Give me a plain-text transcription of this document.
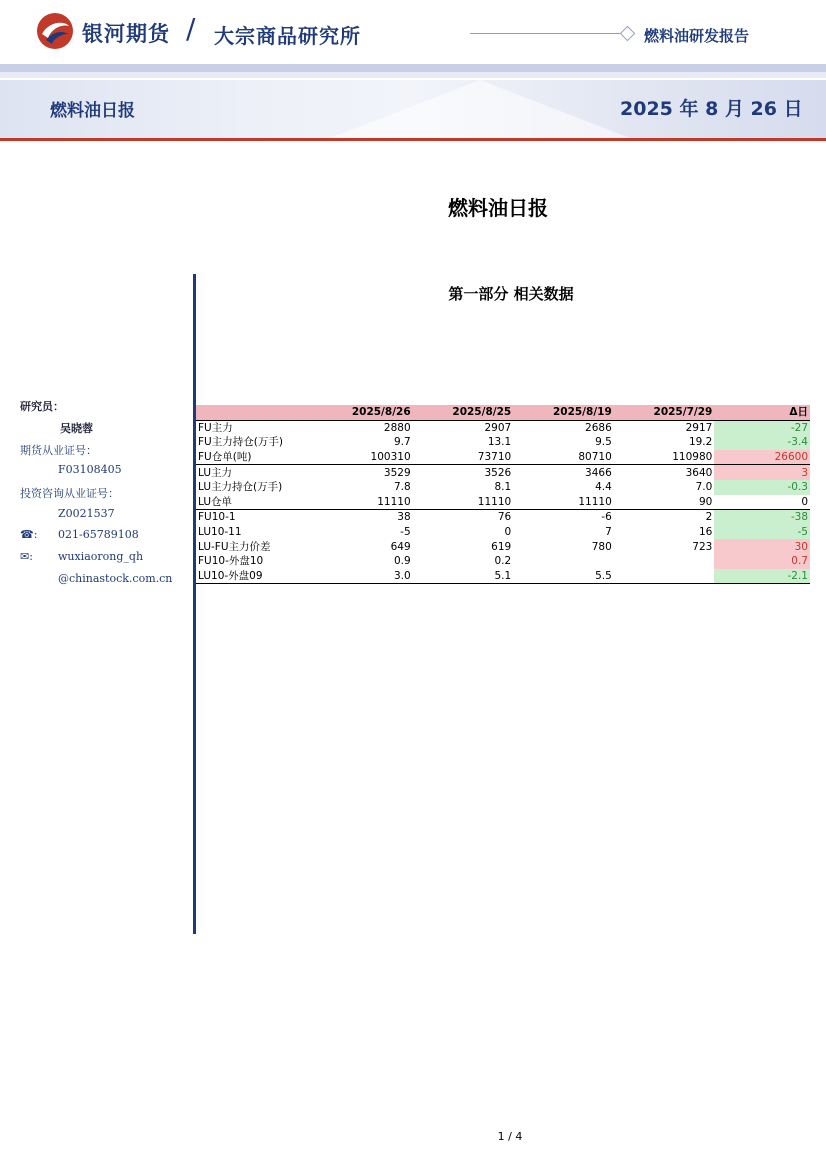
银河期货 / 大宗商品研究所	燃料油研发报告
燃料油日报	2025 年 8 月 26 日
燃料油日报
第一部分 相关数据
研究员：
吴晓蓉
期货从业证号：
F03108405
投资咨询从业证号：
Z0021537
☎: 021-65789108
✉: wuxiaorong_qh
@chinastock.com.cn
	2025/8/26	2025/8/25	2025/8/19	2025/7/29	Δ日
FU主力	2880	2907	2686	2917	-27
FU主力持仓(万手)	9.7	13.1	9.5	19.2	-3.4
FU仓单(吨)	100310	73710	80710	110980	26600
LU主力	3529	3526	3466	3640	3
LU主力持仓(万手)	7.8	8.1	4.4	7.0	-0.3
LU仓单	11110	11110	11110	90	0
FU10-1	38	76	-6	2	-38
LU10-11	-5	0	7	16	-5
LU-FU主力价差	649	619	780	723	30
FU10-外盘10	0.9	0.2			0.7
LU10-外盘09	3.0	5.1	5.5		-2.1
1 / 4
